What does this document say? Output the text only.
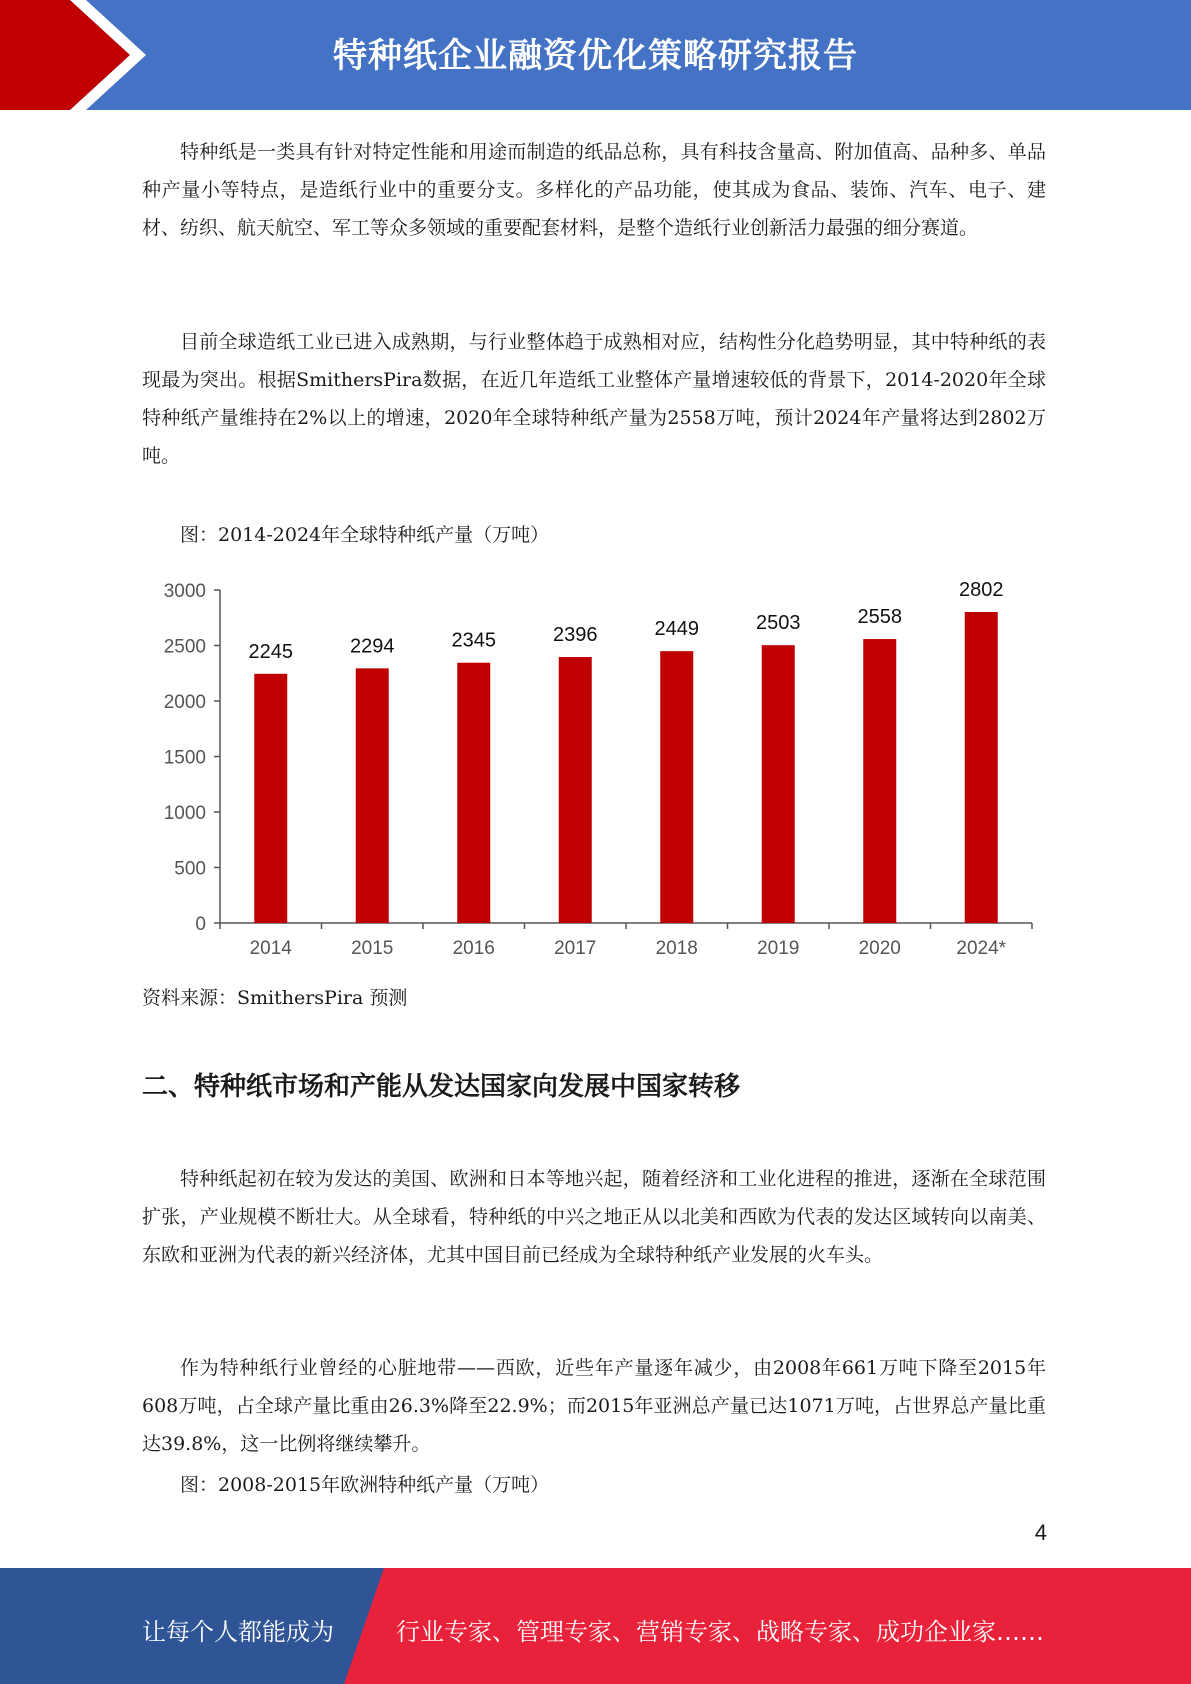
特种纸企业融资优化策略研究报告
特种纸是一类具有针对特定性能和用途而制造的纸品总称，具有科技含量高、附加值高、品种多、单品种产量小等特点，是造纸行业中的重要分支。多样化的产品功能，使其成为食品、装饰、汽车、电子、建材、纺织、航天航空、军工等众多领域的重要配套材料，是整个造纸行业创新活力最强的细分赛道。
目前全球造纸工业已进入成熟期，与行业整体趋于成熟相对应，结构性分化趋势明显，其中特种纸的表现最为突出。根据SmithersPira数据，在近几年造纸工业整体产量增速较低的背景下，2014-2020年全球特种纸产量维持在2%以上的增速，2020年全球特种纸产量为2558万吨，预计2024年产量将达到2802万吨。
图：2014-2024年全球特种纸产量（万吨）
0
500
1000
1500
2000
2500
3000
2245
2014
2294
2015
2345
2016
2396
2017
2449
2018
2503
2019
2558
2020
2802
2024*
资料来源：SmithersPira 预测
二、特种纸市场和产能从发达国家向发展中国家转移
特种纸起初在较为发达的美国、欧洲和日本等地兴起，随着经济和工业化进程的推进，逐渐在全球范围扩张，产业规模不断壮大。从全球看，特种纸的中兴之地正从以北美和西欧为代表的发达区域转向以南美、东欧和亚洲为代表的新兴经济体，尤其中国目前已经成为全球特种纸产业发展的火车头。
作为特种纸行业曾经的心脏地带——西欧，近些年产量逐年减少，由2008年661万吨下降至2015年608万吨，占全球产量比重由26.3%降至22.9%；而2015年亚洲总产量已达1071万吨，占世界总产量比重达39.8%，这一比例将继续攀升。
图：2008-2015年欧洲特种纸产量（万吨）
4
让每个人都能成为	行业专家、管理专家、营销专家、战略专家、成功企业家……
